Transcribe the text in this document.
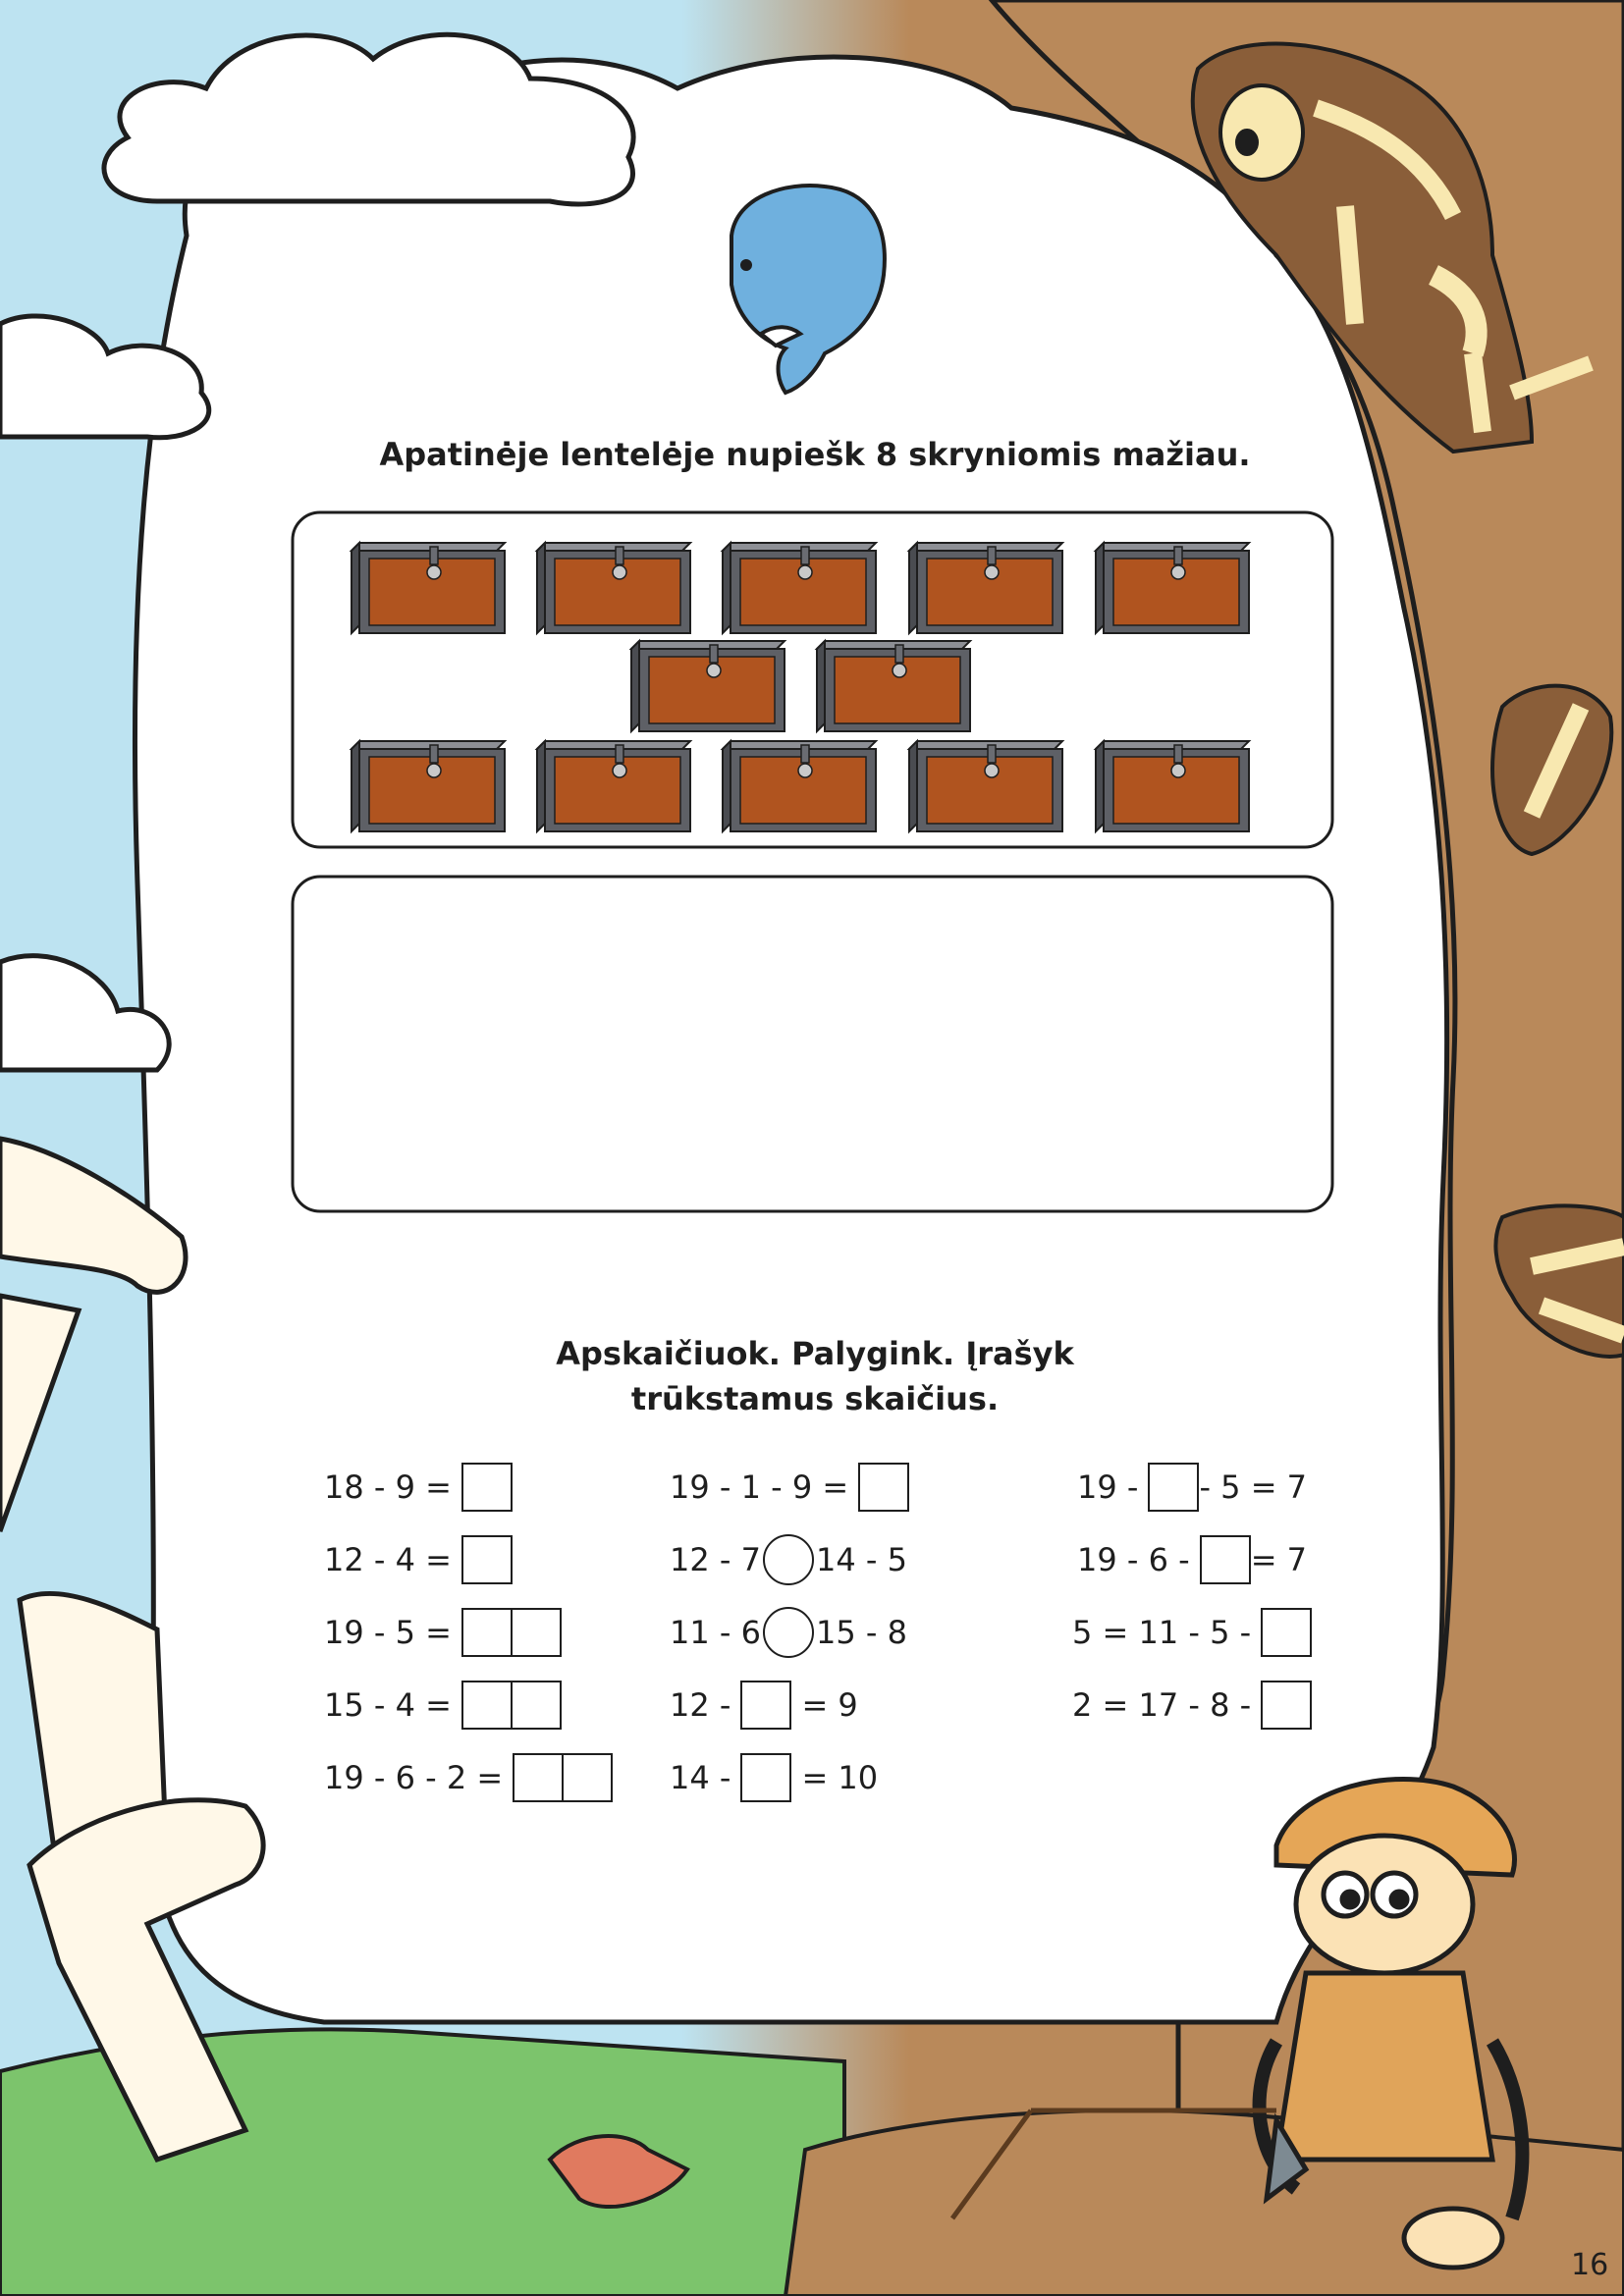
Apatinėje lentelėje nupiešk 8 skryniomis mažiau.
Apskaičiuok. Palygink. Įrašyk
trūkstamus skaičius.
18 - 9 =
12 - 4 =
19 - 5 =
15 - 4 =
19 - 6 - 2 =
19 - 1 - 9 =
12 - 7 14 - 5
11 - 6 15 - 8
12 - = 9
14 - = 10
19 - - 5 = 7
19 - 6 - = 7
5 = 11 - 5 -
2 = 17 - 8 -
16
